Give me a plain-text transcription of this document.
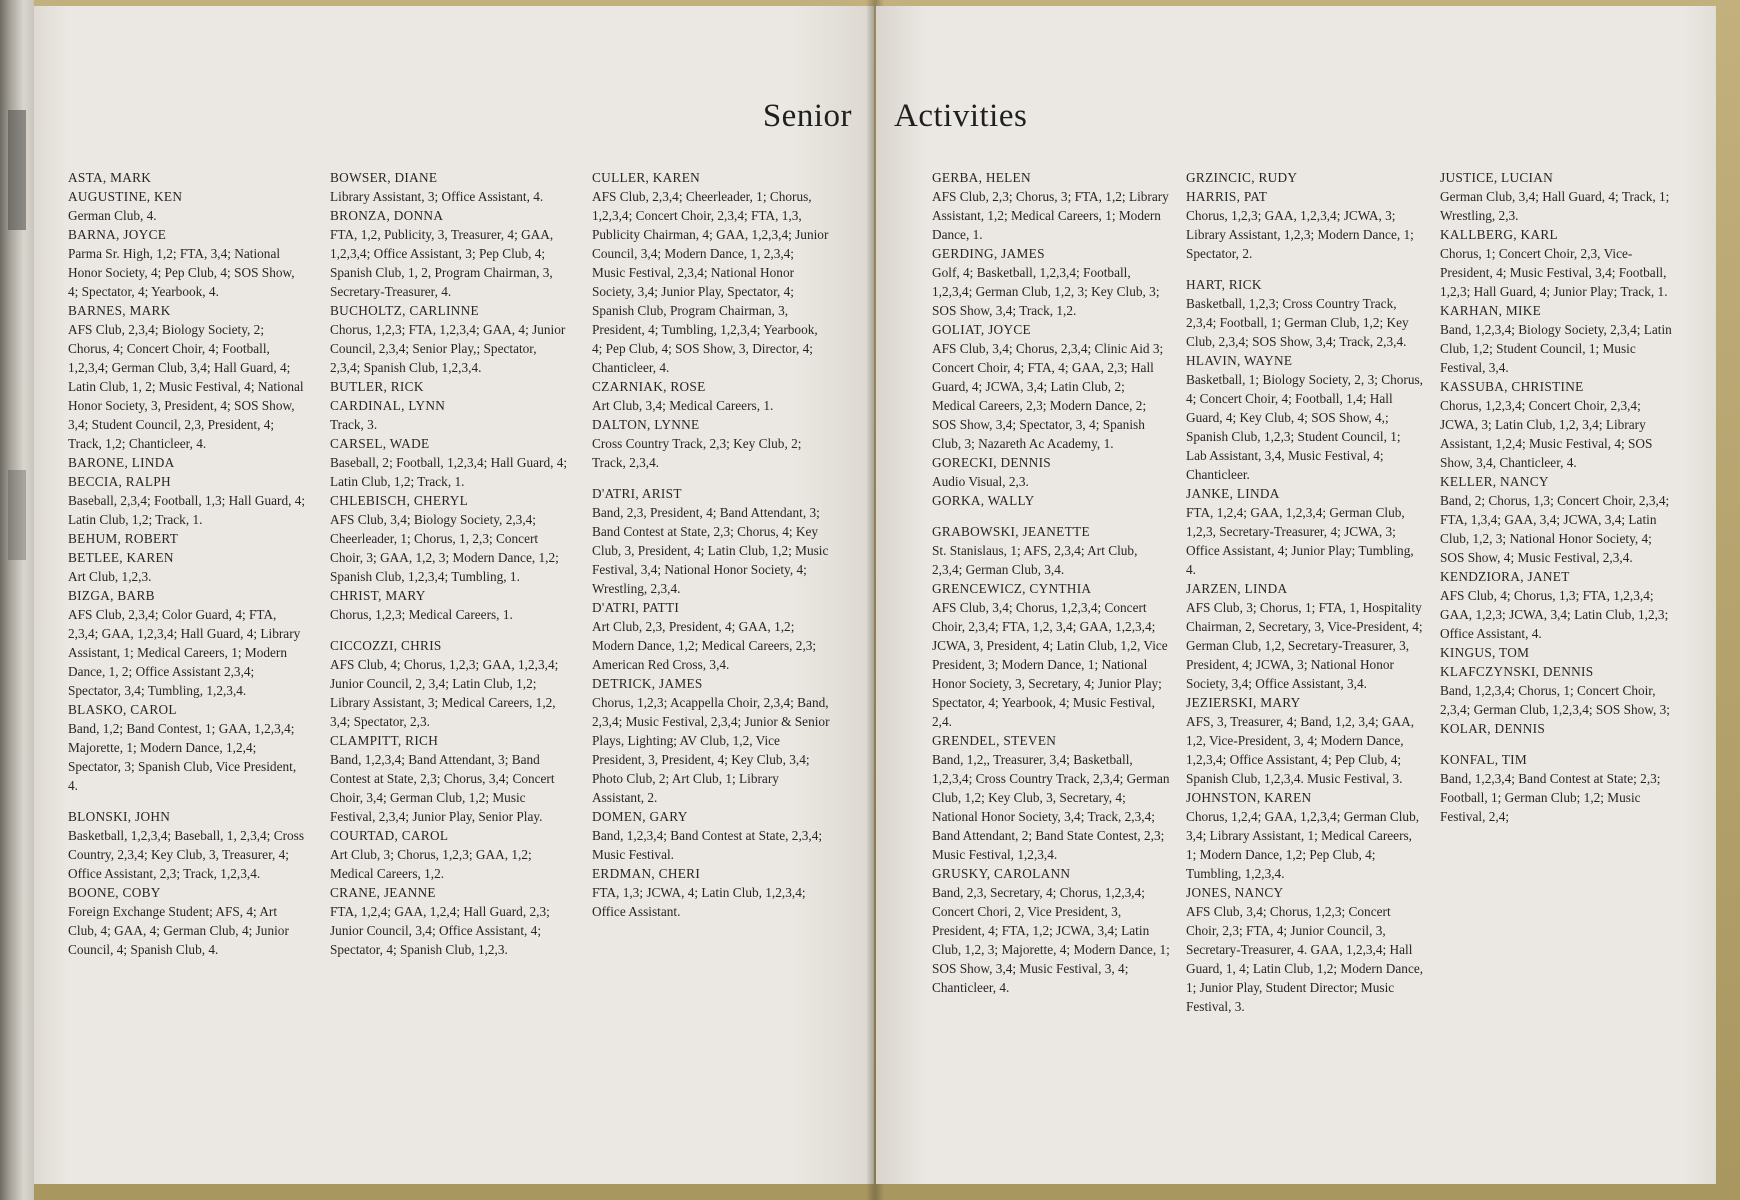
Senior
ASTA, MARK
AUGUSTINE, KEN
German Club, 4.
BARNA, JOYCE
Parma Sr. High, 1,2; FTA, 3,4; National Honor Society, 4; Pep Club, 4; SOS Show, 4; Spectator, 4; Yearbook, 4.
BARNES, MARK
AFS Club, 2,3,4; Biology Society, 2; Chorus, 4; Concert Choir, 4; Football, 1,2,3,4; German Club, 3,4; Hall Guard, 4; Latin Club, 1, 2; Music Festival, 4; National Honor Society, 3, President, 4; SOS Show, 3,4; Student Council, 2,3, President, 4; Track, 1,2; Chanticleer, 4.
BARONE, LINDA
BECCIA, RALPH
Baseball, 2,3,4; Football, 1,3; Hall Guard, 4; Latin Club, 1,2; Track, 1.
BEHUM, ROBERT
BETLEE, KAREN
Art Club, 1,2,3.
BIZGA, BARB
AFS Club, 2,3,4; Color Guard, 4; FTA, 2,3,4; GAA, 1,2,3,4; Hall Guard, 4; Library Assistant, 1; Medical Careers, 1; Modern Dance, 1, 2; Office Assistant 2,3,4; Spectator, 3,4; Tumbling, 1,2,3,4.
BLASKO, CAROL
Band, 1,2; Band Contest, 1; GAA, 1,2,3,4; Majorette, 1; Modern Dance, 1,2,4; Spectator, 3; Spanish Club, Vice President, 4.
BLONSKI, JOHN
Basketball, 1,2,3,4; Baseball, 1, 2,3,4; Cross Country, 2,3,4; Key Club, 3, Treasurer, 4; Office Assistant, 2,3; Track, 1,2,3,4.
BOONE, COBY
Foreign Exchange Student; AFS, 4; Art Club, 4; GAA, 4; German Club, 4; Junior Council, 4; Spanish Club, 4.
BOWSER, DIANE
Library Assistant, 3; Office Assistant, 4.
BRONZA, DONNA
FTA, 1,2, Publicity, 3, Treasurer, 4; GAA, 1,2,3,4; Office Assistant, 3; Pep Club, 4; Spanish Club, 1, 2, Program Chairman, 3, Secretary-Treasurer, 4.
BUCHOLTZ, CARLINNE
Chorus, 1,2,3; FTA, 1,2,3,4; GAA, 4; Junior Council, 2,3,4; Senior Play,; Spectator, 2,3,4; Spanish Club, 1,2,3,4.
BUTLER, RICK
CARDINAL, LYNN
Track, 3.
CARSEL, WADE
Baseball, 2; Football, 1,2,3,4; Hall Guard, 4; Latin Club, 1,2; Track, 1.
CHLEBISCH, CHERYL
AFS Club, 3,4; Biology Society, 2,3,4; Cheerleader, 1; Chorus, 1, 2,3; Concert Choir, 3; GAA, 1,2, 3; Modern Dance, 1,2; Spanish Club, 1,2,3,4; Tumbling, 1.
CHRIST, MARY
Chorus, 1,2,3; Medical Careers, 1.
CICCOZZI, CHRIS
AFS Club, 4; Chorus, 1,2,3; GAA, 1,2,3,4; Junior Council, 2, 3,4; Latin Club, 1,2; Library Assistant, 3; Medical Careers, 1,2, 3,4; Spectator, 2,3.
CLAMPITT, RICH
Band, 1,2,3,4; Band Attendant, 3; Band Contest at State, 2,3; Chorus, 3,4; Concert Choir, 3,4; German Club, 1,2; Music Festival, 2,3,4; Junior Play, Senior Play.
COURTAD, CAROL
Art Club, 3; Chorus, 1,2,3; GAA, 1,2; Medical Careers, 1,2.
CRANE, JEANNE
FTA, 1,2,4; GAA, 1,2,4; Hall Guard, 2,3; Junior Council, 3,4; Office Assistant, 4; Spectator, 4; Spanish Club, 1,2,3.
CULLER, KAREN
AFS Club, 2,3,4; Cheerleader, 1; Chorus, 1,2,3,4; Concert Choir, 2,3,4; FTA, 1,3, Publicity Chairman, 4; GAA, 1,2,3,4; Junior Council, 3,4; Modern Dance, 1, 2,3,4; Music Festival, 2,3,4; National Honor Society, 3,4; Junior Play, Spectator, 4; Spanish Club, Program Chairman, 3, President, 4; Tumbling, 1,2,3,4; Yearbook, 4; Pep Club, 4; SOS Show, 3, Director, 4; Chanticleer, 4.
CZARNIAK, ROSE
Art Club, 3,4; Medical Careers, 1.
DALTON, LYNNE
Cross Country Track, 2,3; Key Club, 2; Track, 2,3,4.
D'ATRI, ARIST
Band, 2,3, President, 4; Band Attendant, 3; Band Contest at State, 2,3; Chorus, 4; Key Club, 3, President, 4; Latin Club, 1,2; Music Festival, 3,4; National Honor Society, 4; Wrestling, 2,3,4.
D'ATRI, PATTI
Art Club, 2,3, President, 4; GAA, 1,2; Modern Dance, 1,2; Medical Careers, 2,3; American Red Cross, 3,4.
DETRICK, JAMES
Chorus, 1,2,3; Acappella Choir, 2,3,4; Band, 2,3,4; Music Festival, 2,3,4; Junior & Senior Plays, Lighting; AV Club, 1,2, Vice President, 3, President, 4; Key Club, 3,4; Photo Club, 2; Art Club, 1; Library Assistant, 2.
DOMEN, GARY
Band, 1,2,3,4; Band Contest at State, 2,3,4; Music Festival.
ERDMAN, CHERI
FTA, 1,3; JCWA, 4; Latin Club, 1,2,3,4; Office Assistant.
Activities
GERBA, HELEN
AFS Club, 2,3; Chorus, 3; FTA, 1,2; Library Assistant, 1,2; Medical Careers, 1; Modern Dance, 1.
GERDING, JAMES
Golf, 4; Basketball, 1,2,3,4; Football, 1,2,3,4; German Club, 1,2, 3; Key Club, 3; SOS Show, 3,4; Track, 1,2.
GOLIAT, JOYCE
AFS Club, 3,4; Chorus, 2,3,4; Clinic Aid 3; Concert Choir, 4; FTA, 4; GAA, 2,3; Hall Guard, 4; JCWA, 3,4; Latin Club, 2; Medical Careers, 2,3; Modern Dance, 2; SOS Show, 3,4; Spectator, 3, 4; Spanish Club, 3; Nazareth Ac Academy, 1.
GORECKI, DENNIS
Audio Visual, 2,3.
GORKA, WALLY
GRABOWSKI, JEANETTE
St. Stanislaus, 1; AFS, 2,3,4; Art Club, 2,3,4; German Club, 3,4.
GRENCEWICZ, CYNTHIA
AFS Club, 3,4; Chorus, 1,2,3,4; Concert Choir, 2,3,4; FTA, 1,2, 3,4; GAA, 1,2,3,4; JCWA, 3, President, 4; Latin Club, 1,2, Vice President, 3; Modern Dance, 1; National Honor Society, 3, Secretary, 4; Junior Play; Spectator, 4; Yearbook, 4; Music Festival, 2,4.
GRENDEL, STEVEN
Band, 1,2,, Treasurer, 3,4; Basketball, 1,2,3,4; Cross Country Track, 2,3,4; German Club, 1,2; Key Club, 3, Secretary, 4; National Honor Society, 3,4; Track, 2,3,4; Band Attendant, 2; Band State Contest, 2,3; Music Festival, 1,2,3,4.
GRUSKY, CAROLANN
Band, 2,3, Secretary, 4; Chorus, 1,2,3,4; Concert Chori, 2, Vice President, 3, President, 4; FTA, 1,2; JCWA, 3,4; Latin Club, 1,2, 3; Majorette, 4; Modern Dance, 1; SOS Show, 3,4; Music Festival, 3, 4; Chanticleer, 4.
GRZINCIC, RUDY
HARRIS, PAT
Chorus, 1,2,3; GAA, 1,2,3,4; JCWA, 3; Library Assistant, 1,2,3; Modern Dance, 1; Spectator, 2.
HART, RICK
Basketball, 1,2,3; Cross Country Track, 2,3,4; Football, 1; German Club, 1,2; Key Club, 2,3,4; SOS Show, 3,4; Track, 2,3,4.
HLAVIN, WAYNE
Basketball, 1; Biology Society, 2, 3; Chorus, 4; Concert Choir, 4; Football, 1,4; Hall Guard, 4; Key Club, 4; SOS Show, 4,; Spanish Club, 1,2,3; Student Council, 1; Lab Assistant, 3,4, Music Festival, 4; Chanticleer.
JANKE, LINDA
FTA, 1,2,4; GAA, 1,2,3,4; German Club, 1,2,3, Secretary-Treasurer, 4; JCWA, 3; Office Assistant, 4; Junior Play; Tumbling, 4.
JARZEN, LINDA
AFS Club, 3; Chorus, 1; FTA, 1, Hospitality Chairman, 2, Secretary, 3, Vice-President, 4; German Club, 1,2, Secretary-Treasurer, 3, President, 4; JCWA, 3; National Honor Society, 3,4; Office Assistant, 3,4.
JEZIERSKI, MARY
AFS, 3, Treasurer, 4; Band, 1,2, 3,4; GAA, 1,2, Vice-President, 3, 4; Modern Dance, 1,2,3,4; Office Assistant, 4; Pep Club, 4; Spanish Club, 1,2,3,4. Music Festival, 3.
JOHNSTON, KAREN
Chorus, 1,2,4; GAA, 1,2,3,4; German Club, 3,4; Library Assistant, 1; Medical Careers, 1; Modern Dance, 1,2; Pep Club, 4; Tumbling, 1,2,3,4.
JONES, NANCY
AFS Club, 3,4; Chorus, 1,2,3; Concert Choir, 2,3; FTA, 4; Junior Council, 3, Secretary-Treasurer, 4. GAA, 1,2,3,4; Hall Guard, 1, 4; Latin Club, 1,2; Modern Dance, 1; Junior Play, Student Director; Music Festival, 3.
JUSTICE, LUCIAN
German Club, 3,4; Hall Guard, 4; Track, 1; Wrestling, 2,3.
KALLBERG, KARL
Chorus, 1; Concert Choir, 2,3, Vice-President, 4; Music Festival, 3,4; Football, 1,2,3; Hall Guard, 4; Junior Play; Track, 1.
KARHAN, MIKE
Band, 1,2,3,4; Biology Society, 2,3,4; Latin Club, 1,2; Student Council, 1; Music Festival, 3,4.
KASSUBA, CHRISTINE
Chorus, 1,2,3,4; Concert Choir, 2,3,4; JCWA, 3; Latin Club, 1,2, 3,4; Library Assistant, 1,2,4; Music Festival, 4; SOS Show, 3,4, Chanticleer, 4.
KELLER, NANCY
Band, 2; Chorus, 1,3; Concert Choir, 2,3,4; FTA, 1,3,4; GAA, 3,4; JCWA, 3,4; Latin Club, 1,2, 3; National Honor Society, 4; SOS Show, 4; Music Festival, 2,3,4.
KENDZIORA, JANET
AFS Club, 4; Chorus, 1,3; FTA, 1,2,3,4; GAA, 1,2,3; JCWA, 3,4; Latin Club, 1,2,3; Office Assistant, 4.
KINGUS, TOM
KLAFCZYNSKI, DENNIS
Band, 1,2,3,4; Chorus, 1; Concert Choir, 2,3,4; German Club, 1,2,3,4; SOS Show, 3;
KOLAR, DENNIS
KONFAL, TIM
Band, 1,2,3,4; Band Contest at State; 2,3; Football, 1; German Club; 1,2; Music Festival, 2,4;
